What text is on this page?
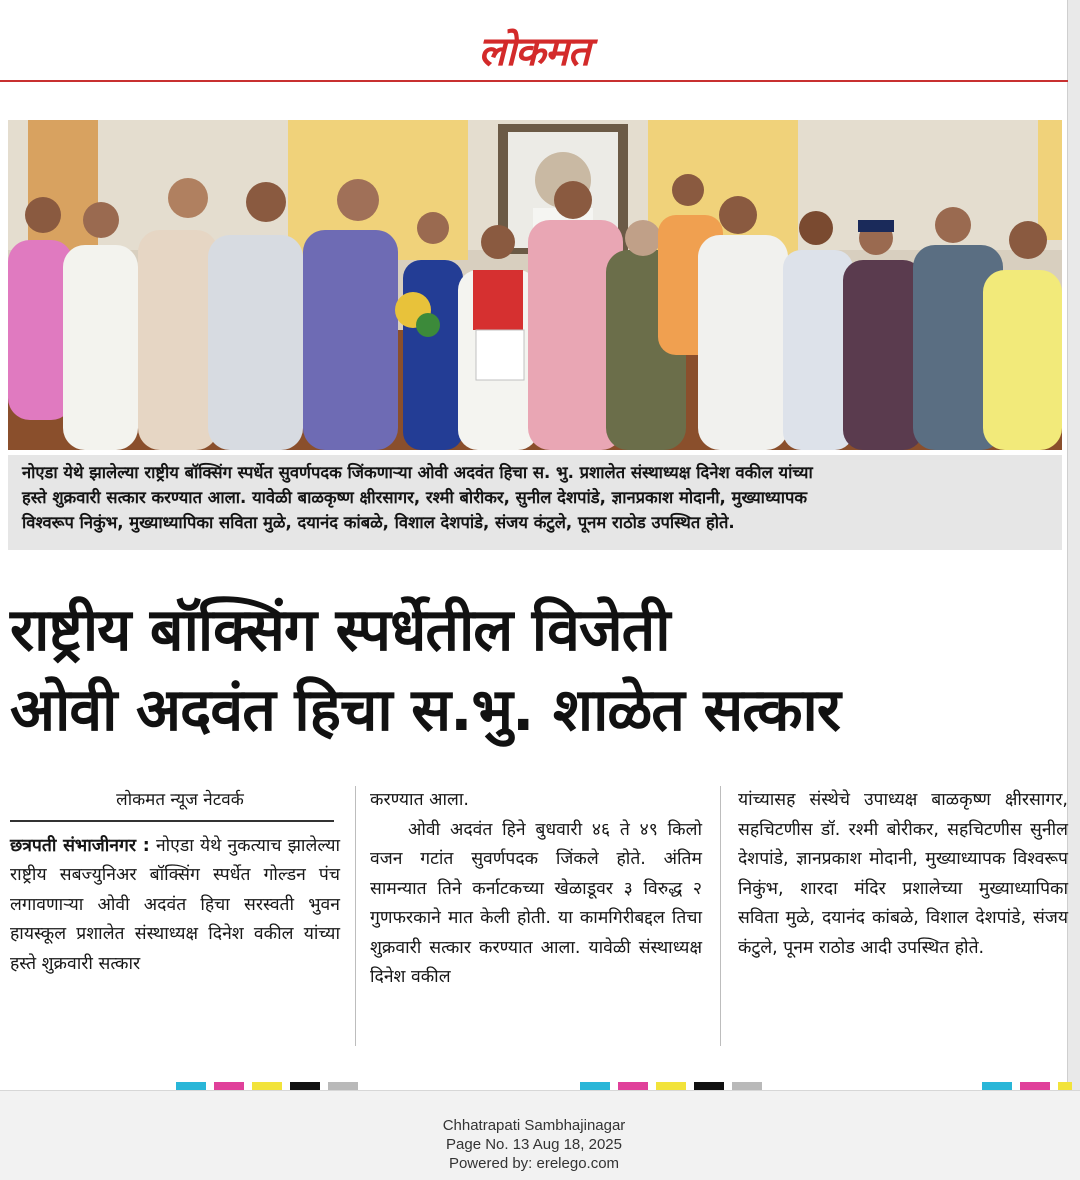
लोकमत
नोएडा येथे झालेल्या राष्ट्रीय बॉक्सिंग स्पर्धेत सुवर्णपदक जिंकणाऱ्या ओवी अदवंत हिचा स. भु. प्रशालेत संस्थाध्यक्ष दिनेश वकील यांच्या
हस्ते शुक्रवारी सत्कार करण्यात आला. यावेळी बाळकृष्ण क्षीरसागर, रश्मी बोरीकर, सुनील देशपांडे, ज्ञानप्रकाश मोदानी, मुख्याध्यापक
विश्वरूप निकुंभ, मुख्याध्यापिका सविता मुळे, दयानंद कांबळे, विशाल देशपांडे, संजय कंटुले, पूनम राठोड उपस्थित होते.
राष्ट्रीय बॉक्सिंग स्पर्धेतील विजेती
ओवी अदवंत हिचा स.भु. शाळेत सत्कार
लोकमत न्यूज नेटवर्क

छत्रपती संभाजीनगर : नोएडा येथे नुकत्याच झालेल्या राष्ट्रीय सबज्युनिअर बॉक्सिंग स्पर्धेत गोल्डन पंच लगावणाऱ्या ओवी अदवंत हिचा सरस्वती भुवन हायस्कूल प्रशालेत संस्थाध्यक्ष दिनेश वकील यांच्या हस्ते शुक्रवारी सत्कार

करण्यात आला.

ओवी अदवंत हिने बुधवारी ४६ ते ४९ किलो वजन गटांत सुवर्णपदक जिंकले होते. अंतिम सामन्यात तिने कर्नाटकच्या खेळाडूवर ३ विरुद्ध २ गुणफरकाने मात केली होती. या कामगिरीबद्दल तिचा शुक्रवारी सत्कार करण्यात आला. यावेळी संस्थाध्यक्ष दिनेश वकील

यांच्यासह संस्थेचे उपाध्यक्ष बाळकृष्ण क्षीरसागर, सहचिटणीस डॉ. रश्मी बोरीकर, सहचिटणीस सुनील देशपांडे, ज्ञानप्रकाश मोदानी, मुख्याध्यापक विश्वरूप निकुंभ, शारदा मंदिर प्रशालेच्या मुख्याध्यापिका सविता मुळे, दयानंद कांबळे, विशाल देशपांडे, संजय कंटुले, पूनम राठोड आदी उपस्थित होते.

Chhatrapati Sambhajinagar
Page No. 13 Aug 18, 2025
Powered by: erelego.com
